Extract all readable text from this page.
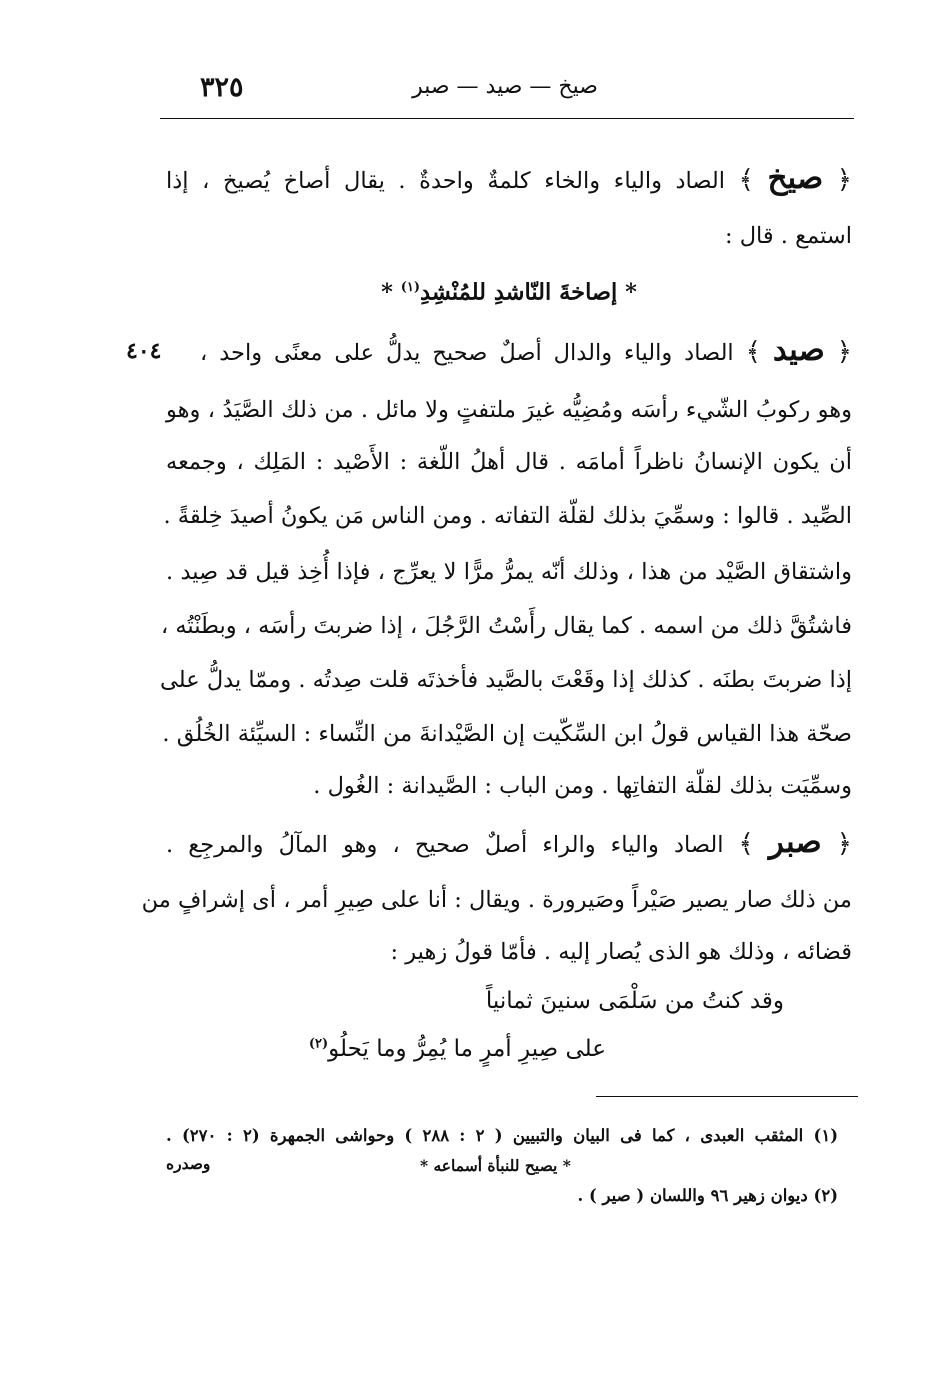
٣٢٥	صيخ — صيد — صبر
﴿ صيخ ﴾ الصاد والياء والخاء كلمةٌ واحدةٌ . يقال أصاخ يُصيخ ، إذا
استمع . قال :
* إصاخةَ النّاشدِ للمُنْشِدِ$^{(١)}$ *
﴿ صيد ﴾ الصاد والياء والدال أصلٌ صحيح يدلُّ على معنًى واحد ،
٤٠٤
وهو ركوبُ الشّيء رأسَه ومُضِيُّه غيرَ ملتفتٍ ولا مائل . من ذلك الصَّيَدُ ، وهو
أن يكون الإنسانُ ناظراً أمامَه . قال أهلُ اللّغة : الأَصْيد : المَلِك ، وجمعه
الصِّيد . قالوا : وسمِّيَ بذلك لقلّة التفاته . ومن الناس مَن يكونُ أصيدَ خِلقةً .
واشتقاق الصَّيْد من هذا ، وذلك أنّه يمرُّ مرًّا لا يعرِّج ، فإذا أُخِذ قيل قد صِيد .
فاشتُقَّ ذلك من اسمه . كما يقال رأَسْتُ الرَّجُلَ ، إذا ضربتَ رأسَه ، وبطَنْتُه ،
إذا ضربتَ بطنَه . كذلك إذا وقَعْتَ بالصَّيد فأخذتَه قلت صِدتُه . وممّا يدلُّ على
صحّة هذا القياس قولُ ابن السِّكّيت إن الصَّيْدانةَ من النِّساء : السيِّئة الخُلُق .
وسمِّيَت بذلك لقلّة التفاتِها . ومن الباب : الصَّيدانة : الغُول .
﴿ صبر ﴾ الصاد والياء والراء أصلٌ صحيح ، وهو المآلُ والمرجِع .
من ذلك صار يصير صَيْراً وصَيرورة . ويقال : أنا على صِيرِ أمر ، أى إشرافٍ من
قضائه ، وذلك هو الذى يُصار إليه . فأمّا قولُ زهير :
وقد كنتُ من سَلْمَى سنينَ ثمانياً
على صِيرِ أمرٍ ما يُمِرُّ وما يَحلُو$^{(٢)}$
(١) المثقب العبدى ، كما فى البيان والتبيين ( ٢ : ٢٨٨ ) وحواشى الجمهرة (٢ : ٢٧٠) .
وصدره	* يصيح للنبأة أسماعه *
(٢) ديوان زهير ٩٦ واللسان ( صير ) .
